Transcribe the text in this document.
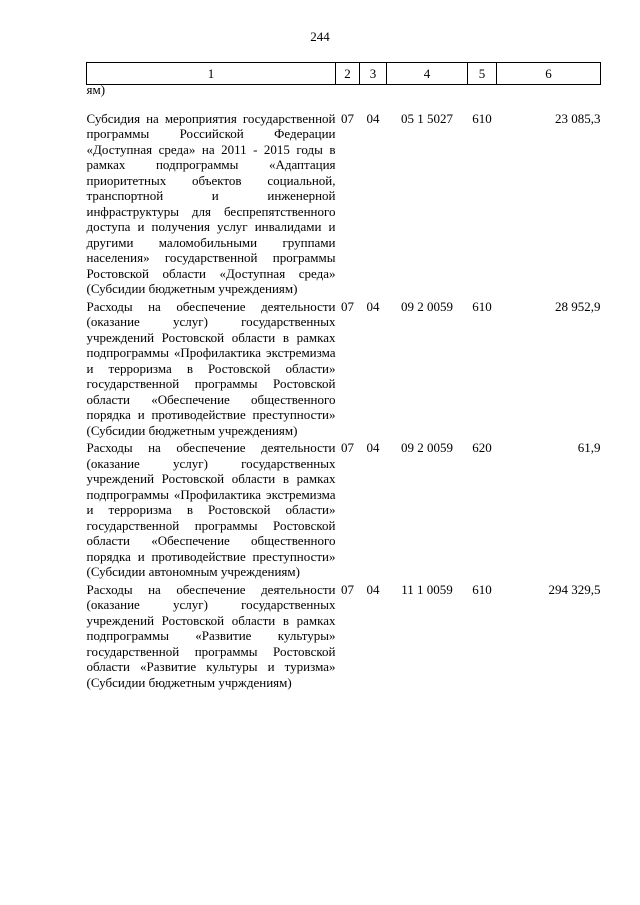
244
1	2	3	4	5	6
ям)					
Субсидия на мероприятия государственной программы Российской Федерации «Доступная среда» на 2011 - 2015 годы в рамках подпрограммы «Адаптация приоритетных объектов социальной, транспортной и инженерной инфраструктуры для беспрепятственного доступа и получения услуг инвалидами и другими маломобильными группами населения» государственной программы Ростовской области «Доступная среда» (Субсидии бюджетным учреждениям)	07	04	05 1 5027	610	23 085,3
Расходы на обеспечение деятельности (оказание услуг) государственных учреждений Ростовской области в рамках подпрограммы «Профилактика экстремизма и терроризма в Ростовской области» государственной программы Ростовской области «Обеспечение общественного порядка и противодействие преступности» (Субсидии бюджетным учреждениям)	07	04	09 2 0059	610	28 952,9
Расходы на обеспечение деятельности (оказание услуг) государственных учреждений Ростовской области в рамках подпрограммы «Профилактика экстремизма и терроризма в Ростовской области» государственной программы Ростовской области «Обеспечение общественного порядка и противодействие преступности» (Субсидии автономным учреждениям)	07	04	09 2 0059	620	61,9
Расходы на обеспечение деятельности (оказание услуг) государственных учреждений Ростовской области в рамках подпрограммы «Развитие культуры» государственной программы Ростовской области «Развитие культуры и туризма» (Субсидии бюджетным учрждениям)	07	04	11 1 0059	610	294 329,5
